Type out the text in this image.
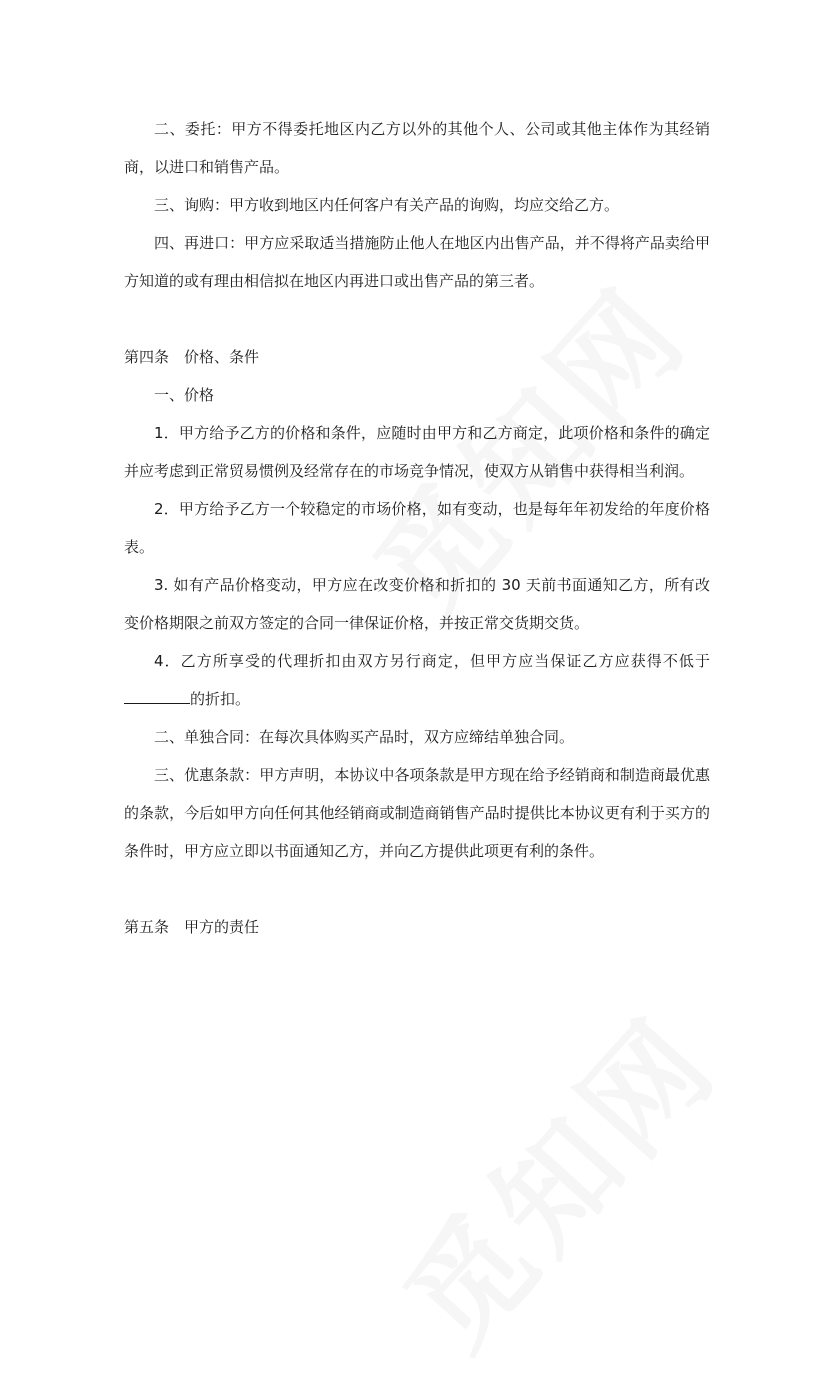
二、委托：甲方不得委托地区内乙方以外的其他个人、公司或其他主体作为其经销商，以进口和销售产品。

三、询购：甲方收到地区内任何客户有关产品的询购，均应交给乙方。

四、再进口：甲方应采取适当措施防止他人在地区内出售产品，并不得将产品卖给甲方知道的或有理由相信拟在地区内再进口或出售产品的第三者。

第四条　价格、条件

一、价格

1．甲方给予乙方的价格和条件，应随时由甲方和乙方商定，此项价格和条件的确定并应考虑到正常贸易惯例及经常存在的市场竞争情况，使双方从销售中获得相当利润。

2．甲方给予乙方一个较稳定的市场价格，如有变动，也是每年年初发给的年度价格表。

3. 如有产品价格变动，甲方应在改变价格和折扣的 30 天前书面通知乙方，所有改变价格期限之前双方签定的合同一律保证价格，并按正常交货期交货。

4．乙方所享受的代理折扣由双方另行商定，但甲方应当保证乙方应获得不低于的折扣。

二、单独合同：在每次具体购买产品时，双方应缔结单独合同。

三、优惠条款：甲方声明，本协议中各项条款是甲方现在给予经销商和制造商最优惠的条款，今后如甲方向任何其他经销商或制造商销售产品时提供比本协议更有利于买方的条件时，甲方应立即以书面通知乙方，并向乙方提供此项更有利的条件。

第五条　甲方的责任
